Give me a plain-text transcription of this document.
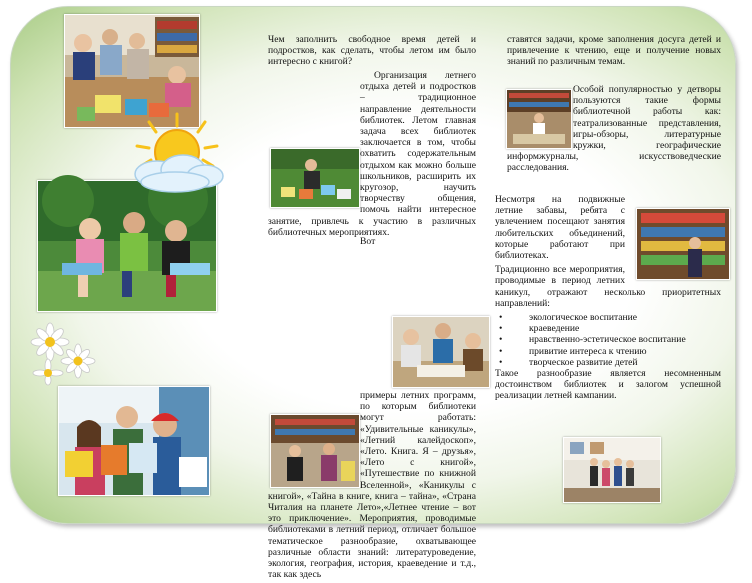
Чем заполнить свободное время детей и подростков, как сделать, чтобы летом им было интересно с книгой?

Организация летнего отдыха детей и подростков – традиционное направление деятельности библиотек. Летом главная задача всех библиотек заключается в том, чтобы охватить содержательным отдыхом как можно больше школьников, расширить их кругозор, научить творчеству общения, помочь найти интересное занятие, привлечь к участию в различных библиотечных мероприятиях.

Вот примеры летних программ, по которым библиотеки могут работать: «Удивительные каникулы», «Летний калейдоскоп», «Лето. Книга. Я – друзья», «Лето с книгой», «Путешествие по книжной Вселенной», «Каникулы с книгой», «Тайна в книге, книга – тайна», «Страна Читалия на планете Лето»,«Летнее чтение – вот это приключение». Мероприятия, проводимые библиотеками в летний период, отличает большое тематическое разнообразие, охватывающее различные области знаний: литературоведение, экология, география, история, краеведение и т.д., так как здесь

ставятся задачи, кроме заполнения досуга детей и привлечение к чтению, еще и получение новых знаний по различным темам.

Особой популярностью у детворы пользуются такие формы библиотечной работы как: театрализованные представления, игры-обзоры, литературные кружки, географические информжурналы, искусствоведческие расследования.

Несмотря на подвижные летние забавы, ребята с увлечением посещают занятия любительских объединений, которые работают при библиотеках.

Традиционно все мероприятия, проводимые в период летних каникул, отражают несколько приоритетных направлений:

• экологическое воспитание
• краеведение
• нравственно-эстетическое воспитание
• привитие интереса к чтению
• творческое развитие детей

Такое разнообразие является несомненным достоинством библиотек и залогом успешной реализации летней кампании.
